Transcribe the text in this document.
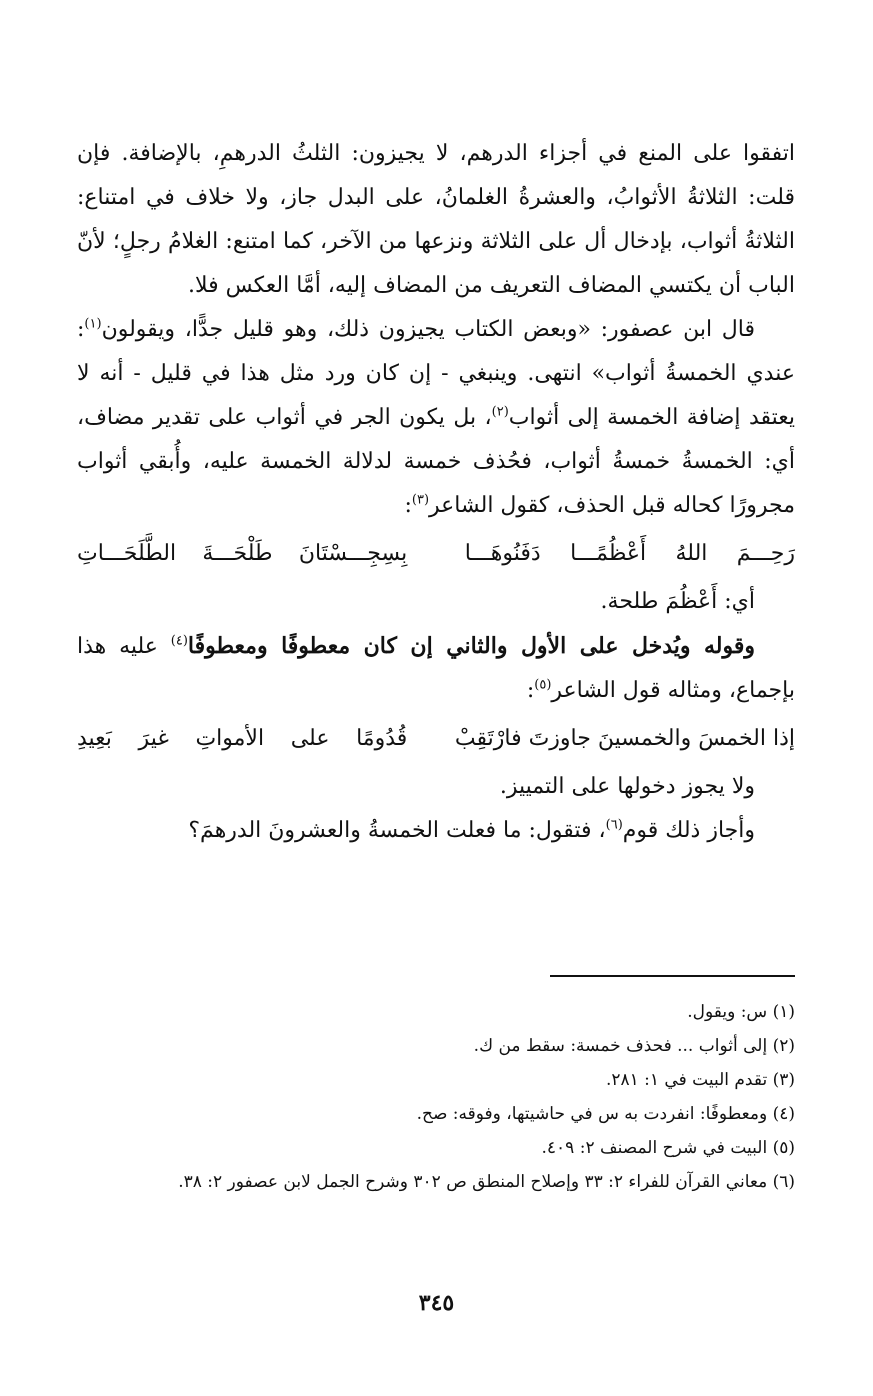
اتفقوا على المنع في أجزاء الدرهم، لا يجيزون: الثلثُ الدرهمِ، بالإضافة. فإن قلت: الثلاثةُ الأثوابُ، والعشرةُ الغلمانُ، على البدل جاز، ولا خلاف في امتناع: الثلاثةُ أثواب، بإدخال أل على الثلاثة ونزعها من الآخر، كما امتنع: الغلامُ رجلٍ؛ لأنّ الباب أن يكتسي المضاف التعريف من المضاف إليه، أمَّا العكس فلا.

قال ابن عصفور: «وبعض الكتاب يجيزون ذلك، وهو قليل جدًّا، ويقولون$^{(١)}$: عندي الخمسةُ أثواب» انتهى. وينبغي - إن كان ورد مثل هذا في قليل - أنه لا يعتقد إضافة الخمسة إلى أثواب$^{(٢)}$، بل يكون الجر في أثواب على تقدير مضاف، أي: الخمسةُ خمسةُ أثواب، فحُذف خمسة لدلالة الخمسة عليه، وأُبقي أثواب مجرورًا كحاله قبل الحذف، كقول الشاعر$^{(٣)}$:

رَحِـــمَ اللهُ أَعْظُمًـــا دَفَنُوهَـــا
بِسِجِـــسْتَانَ طَلْحَـــةَ الطَّلَحَـــاتِ

أي: أَعْظُمَ طلحة.

وقوله ويُدخل على الأول والثاني إن كان معطوفًا ومعطوفًا$^{(٤)}$ عليه هذا بإجماع، ومثاله قول الشاعر$^{(٥)}$:

إذا الخمسَ والخمسينَ جاوزتَ فارْتَقِبْ
قُدُومًا على الأمواتِ غيرَ بَعِيدِ

ولا يجوز دخولها على التمييز.

وأجاز ذلك قوم$^{(٦)}$، فتقول: ما فعلت الخمسةُ والعشرونَ الدرهمَ؟

(١) س: ويقول.
(٢) إلى أثواب ... فحذف خمسة: سقط من ك.
(٣) تقدم البيت في ١: ٢٨١.
(٤) ومعطوفًا: انفردت به س في حاشيتها، وفوقه: صح.
(٥) البيت في شرح المصنف ٢: ٤٠٩.
(٦) معاني القرآن للفراء ٢: ٣٣ وإصلاح المنطق ص ٣٠٢ وشرح الجمل لابن عصفور ٢: ٣٨.
٣٤٥
